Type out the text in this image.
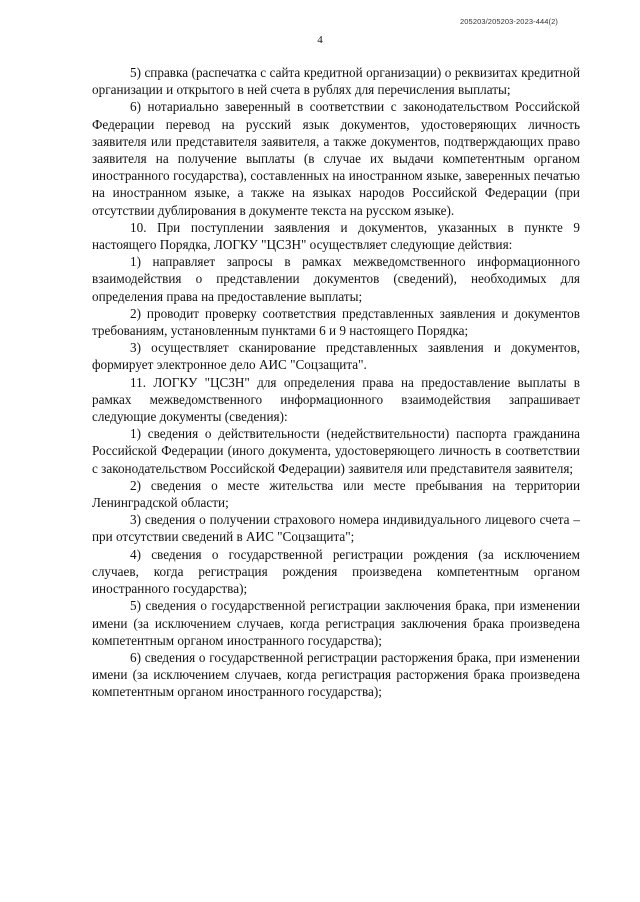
205203/205203-2023-444(2)
4

5) справка (распечатка с сайта кредитной организации) о реквизитах кредитной организации и открытого в ней счета в рублях для перечисления выплаты;

6) нотариально заверенный в соответствии с законодательством Российской Федерации перевод на русский язык документов, удостоверяющих личность заявителя или представителя заявителя, а также документов, подтверждающих право заявителя на получение выплаты (в случае их выдачи компетентным органом иностранного государства), составленных на иностранном языке, заверенных печатью на иностранном языке, а также на языках народов Российской Федерации (при отсутствии дублирования в документе текста на русском языке).

10. При поступлении заявления и документов, указанных в пункте 9 настоящего Порядка, ЛОГКУ "ЦСЗН" осуществляет следующие действия:

1) направляет запросы в рамках межведомственного информационного взаимодействия о представлении документов (сведений), необходимых для определения права на предоставление выплаты;

2) проводит проверку соответствия представленных заявления и документов требованиям, установленным пунктами 6 и 9 настоящего Порядка;

3) осуществляет сканирование представленных заявления и документов, формирует электронное дело АИС "Соцзащита".

11. ЛОГКУ "ЦСЗН" для определения права на предоставление выплаты в рамках межведомственного информационного взаимодействия запрашивает следующие документы (сведения):

1) сведения о действительности (недействительности) паспорта гражданина Российской Федерации (иного документа, удостоверяющего личность в соответствии с законодательством Российской Федерации) заявителя или представителя заявителя;

2) сведения о месте жительства или месте пребывания на территории Ленинградской области;

3) сведения о получении страхового номера индивидуального лицевого счета – при отсутствии сведений в АИС "Соцзащита";

4) сведения о государственной регистрации рождения (за исключением случаев, когда регистрация рождения произведена компетентным органом иностранного государства);

5) сведения о государственной регистрации заключения брака, при изменении имени (за исключением случаев, когда регистрация заключения брака произведена компетентным органом иностранного государства);

6) сведения о государственной регистрации расторжения брака, при изменении имени (за исключением случаев, когда регистрация расторжения брака произведена компетентным органом иностранного государства);
